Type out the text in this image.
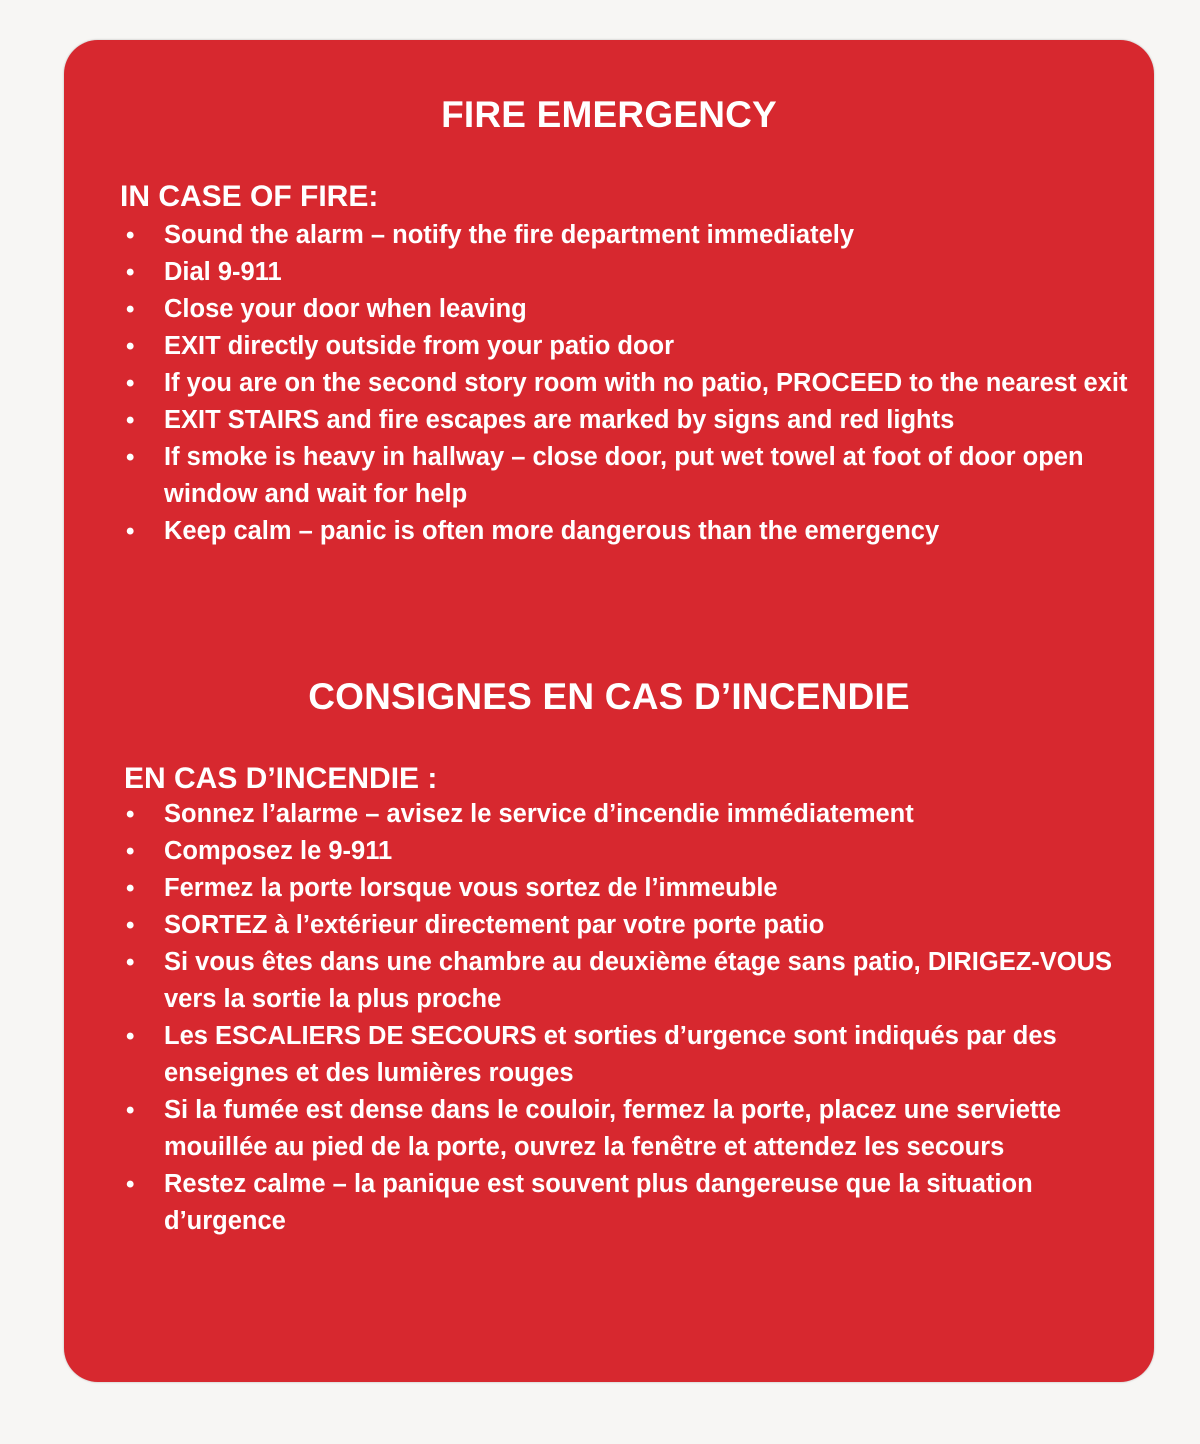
FIRE EMERGENCY
IN CASE OF FIRE:
• Sound the alarm – notify the fire department immediately
• Dial 9-911
• Close your door when leaving
• EXIT directly outside from your patio door
• If you are on the second story room with no patio, PROCEED to the nearest exit
• EXIT STAIRS and fire escapes are marked by signs and red lights
• If smoke is heavy in hallway – close door, put wet towel at foot of door open window and wait for help
• Keep calm – panic is often more dangerous than the emergency
CONSIGNES EN CAS D’INCENDIE
EN CAS D’INCENDIE :
• Sonnez l’alarme – avisez le service d’incendie immédiatement
• Composez le 9-911
• Fermez la porte lorsque vous sortez de l’immeuble
• SORTEZ à l’extérieur directement par votre porte patio
• Si vous êtes dans une chambre au deuxième étage sans patio, DIRIGEZ-VOUS vers la sortie la plus proche
• Les ESCALIERS DE SECOURS et sorties d’urgence sont indiqués par des enseignes et des lumières rouges
• Si la fumée est dense dans le couloir, fermez la porte, placez une serviette mouillée au pied de la porte, ouvrez la fenêtre et attendez les secours
• Restez calme – la panique est souvent plus dangereuse que la situation d’urgence
